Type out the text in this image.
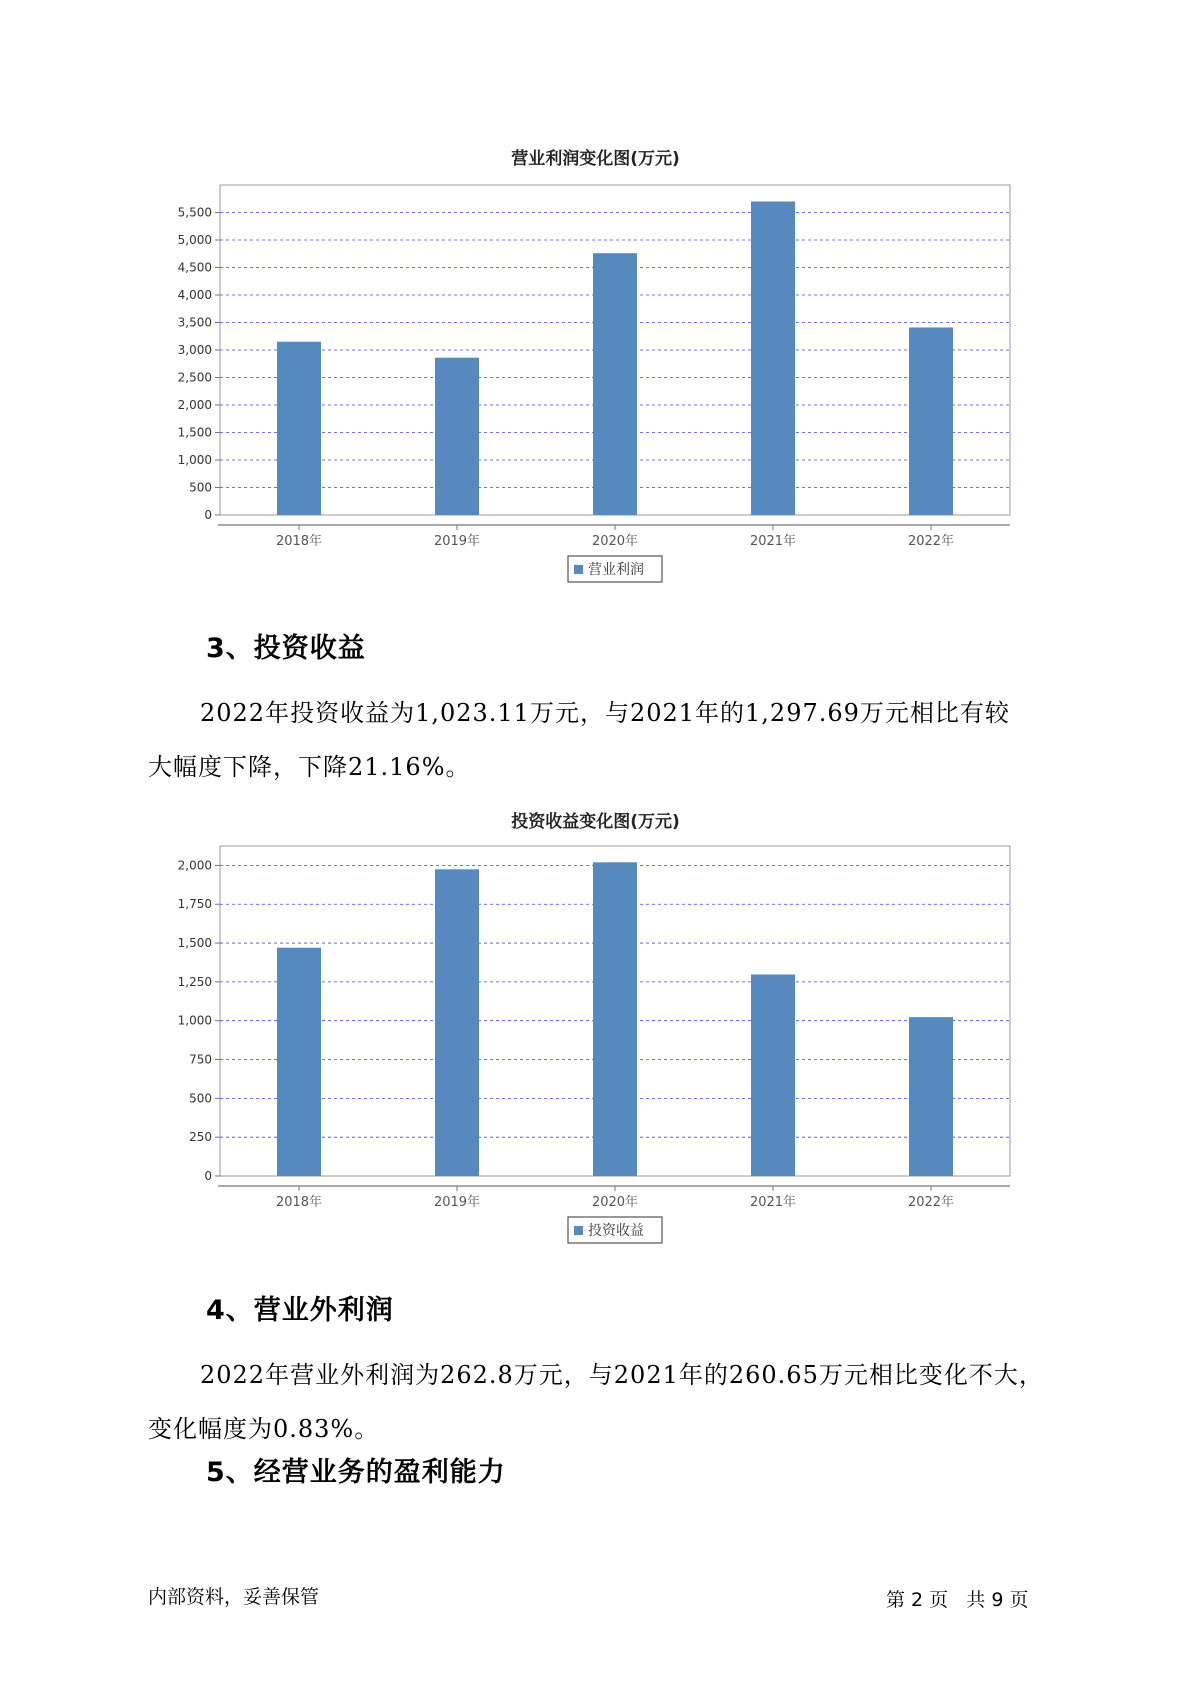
营业利润变化图(万元)
0
500
1,000
1,500
2,000
2,500
3,000
3,500
4,000
4,500
5,000
5,500
2018年	2019年	2020年	2021年	2022年
营业利润
3、投资收益
2022年投资收益为1,023.11万元，与2021年的1,297.69万元相比有较
大幅度下降，下降21.16%。
投资收益变化图(万元)
0
250
500
750
1,000
1,250
1,500
1,750
2,000
2018年	2019年	2020年	2021年	2022年
投资收益
4、营业外利润
2022年营业外利润为262.8万元，与2021年的260.65万元相比变化不大，
变化幅度为0.83%。
5、经营业务的盈利能力
内部资料，妥善保管	第 2 页   共 9 页
